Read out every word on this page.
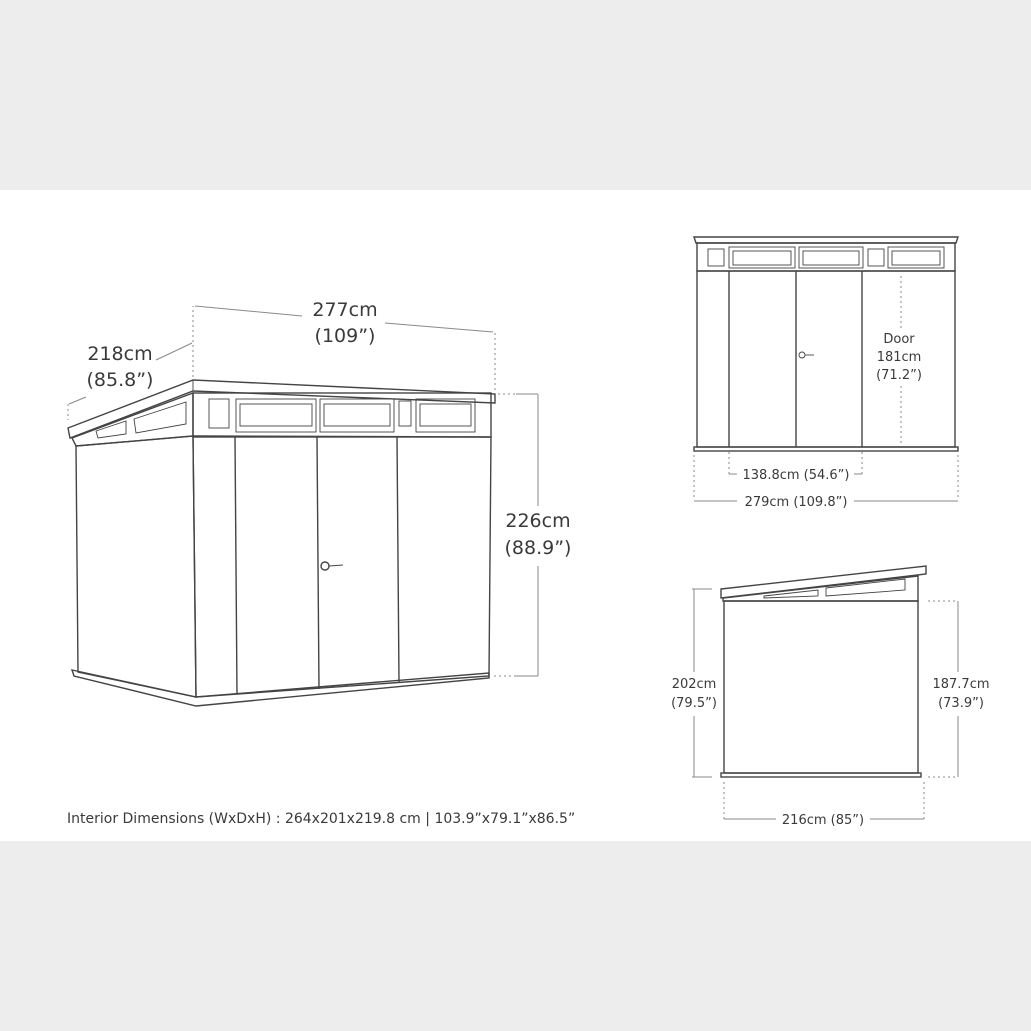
277cm
(109”)
218cm
(85.8”)
226cm
(88.9”)
Door
181cm
(71.2”)
138.8cm (54.6”)
279cm (109.8”)
202cm
(79.5”)
187.7cm
(73.9”)
216cm (85”)
Interior Dimensions (WxDxH) : 264x201x219.8 cm | 103.9”x79.1”x86.5”
